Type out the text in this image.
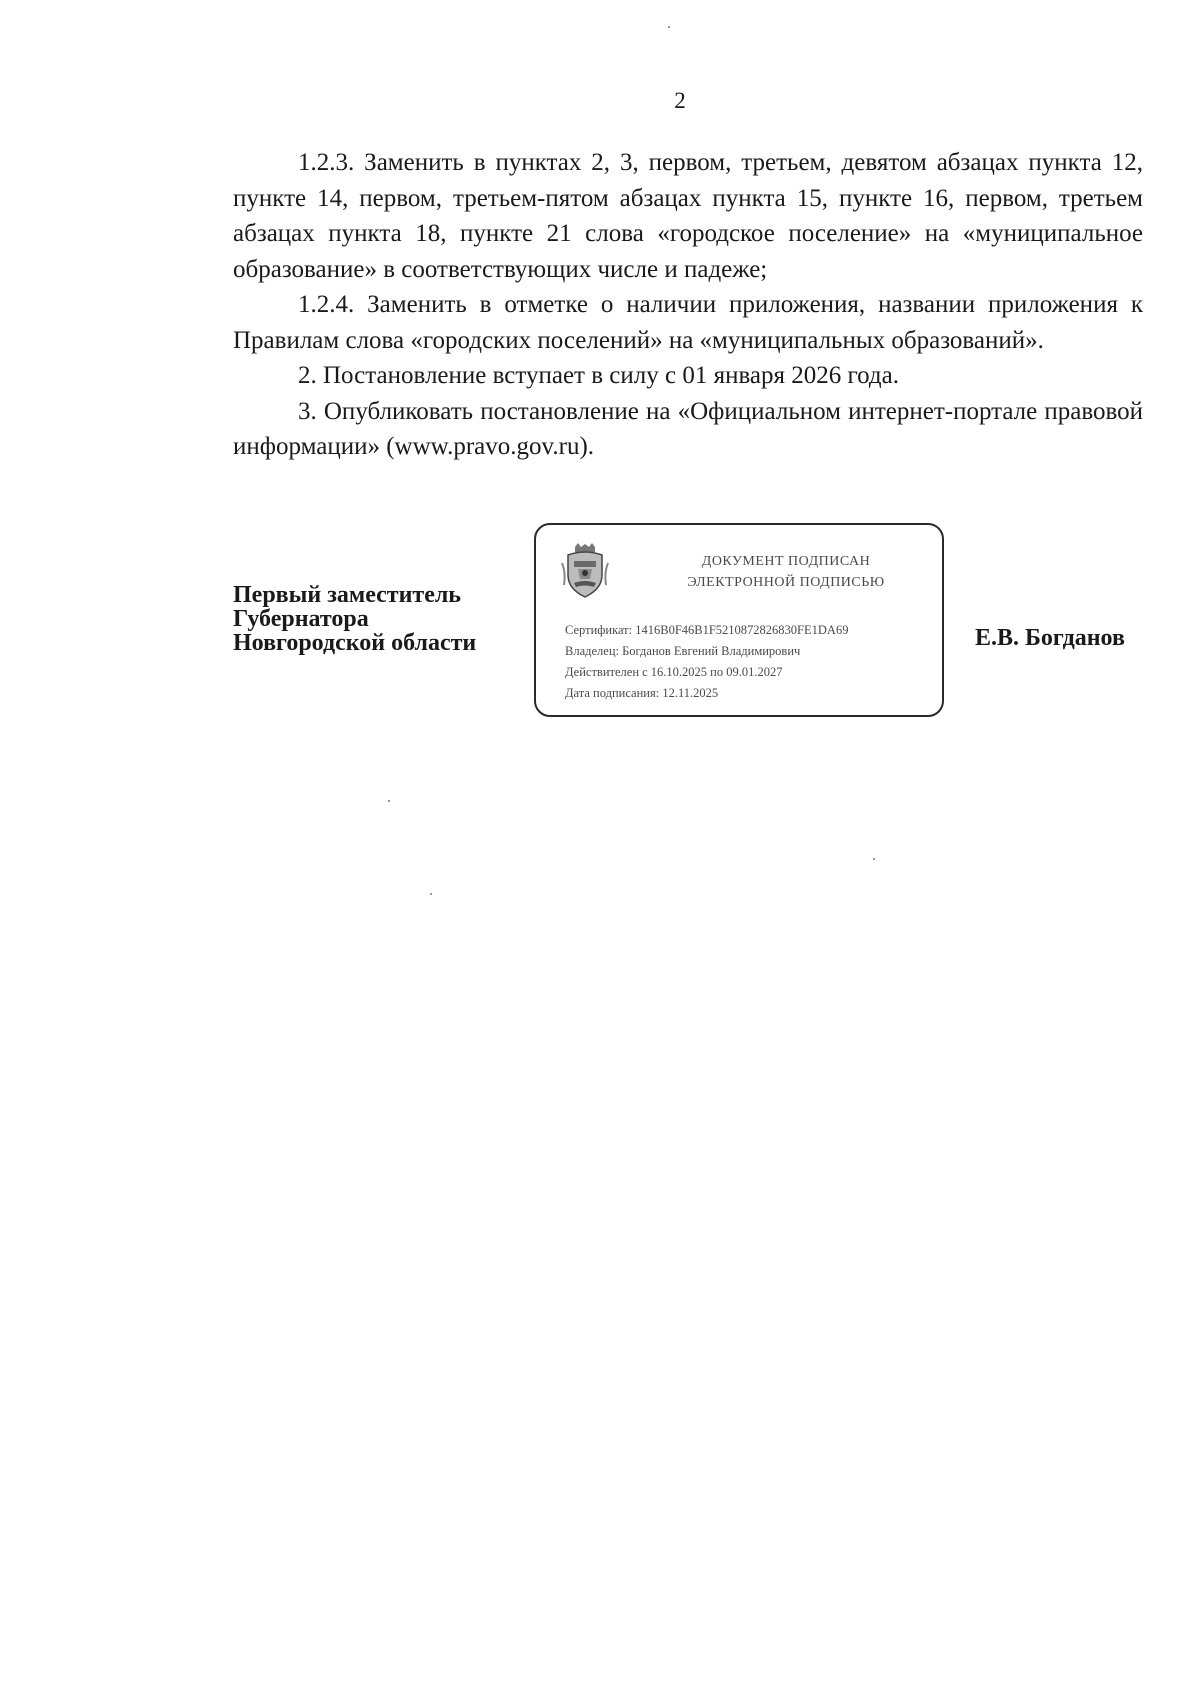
2

1.2.3. Заменить в пунктах 2, 3, первом, третьем, девятом абзацах пункта 12, пункте 14, первом, третьем-пятом абзацах пункта 15, пункте 16, первом, третьем абзацах пункта 18, пункте 21 слова «городское поселение» на «муниципальное образование» в соответствующих числе и падеже;

1.2.4. Заменить в отметке о наличии приложения, названии приложения к Правилам слова «городских поселений» на «муниципальных образований».

2. Постановление вступает в силу с 01 января 2026 года.

3. Опубликовать постановление на «Официальном интернет-портале правовой информации» (www.pravo.gov.ru).

Первый заместитель
Губернатора
Новгородской области
ДОКУМЕНТ ПОДПИСАН
ЭЛЕКТРОННОЙ ПОДПИСЬЮ
Сертификат: 1416B0F46B1F5210872826830FE1DA69
Владелец: Богданов Евгений Владимирович
Действителен с 16.10.2025 по 09.01.2027
Дата подписания: 12.11.2025
Е.В. Богданов
